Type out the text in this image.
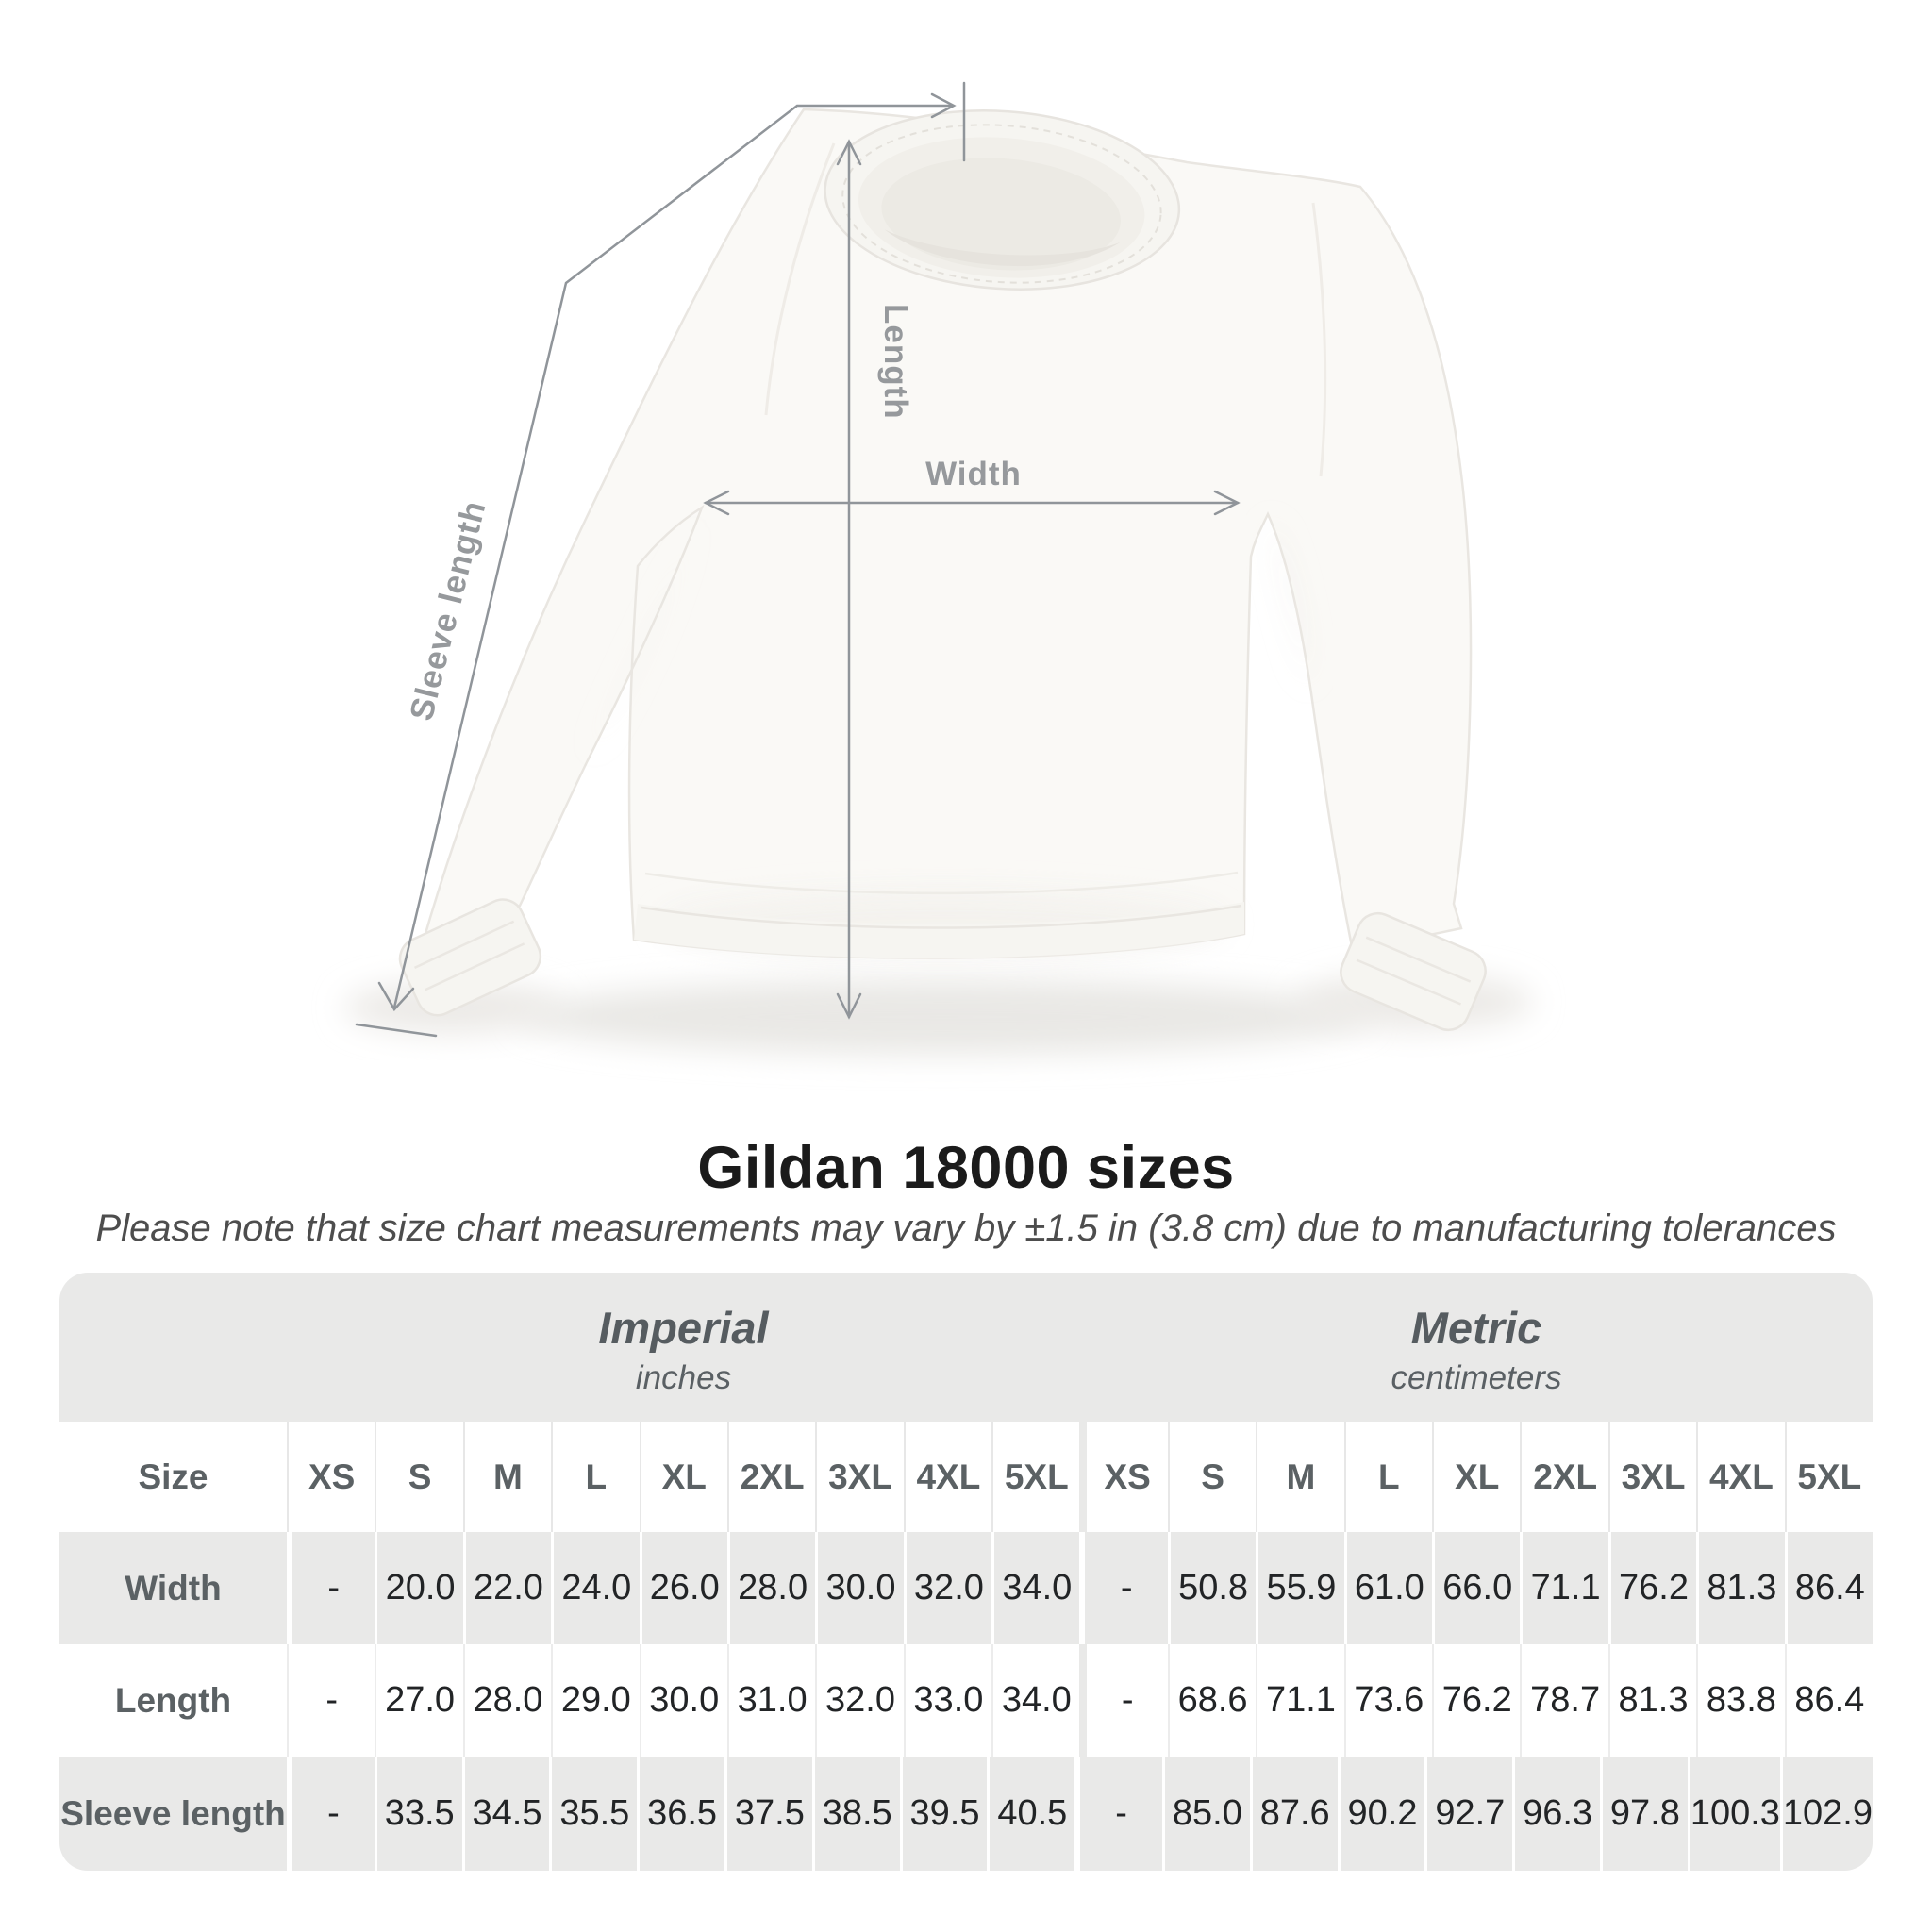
Length
Width
Sleeve length
Gildan 18000 sizes
Please note that size chart measurements may vary by ±1.5 in (3.8 cm) due to manufacturing tolerances
Imperial
inches
Metric
centimeters
Size	XS	S	M	L	XL 2XL 3XL 4XL 5XL	XS	S	M	L	XL 2XL 3XL 4XL 5XL
Width	-	20.0 22.0 24.0 26.0 28.0 30.0 32.0 34.0	-	50.8 55.9 61.0 66.0 71.1 76.2 81.3 86.4
Length	-	27.0 28.0 29.0 30.0 31.0 32.0 33.0 34.0	-	68.6 71.1 73.6 76.2 78.7 81.3 83.8 86.4
Sleeve length	-	33.5 34.5 35.5 36.5 37.5 38.5 39.5 40.5	-	85.0 87.6 90.2 92.7 96.3 97.8 100.3 102.9
